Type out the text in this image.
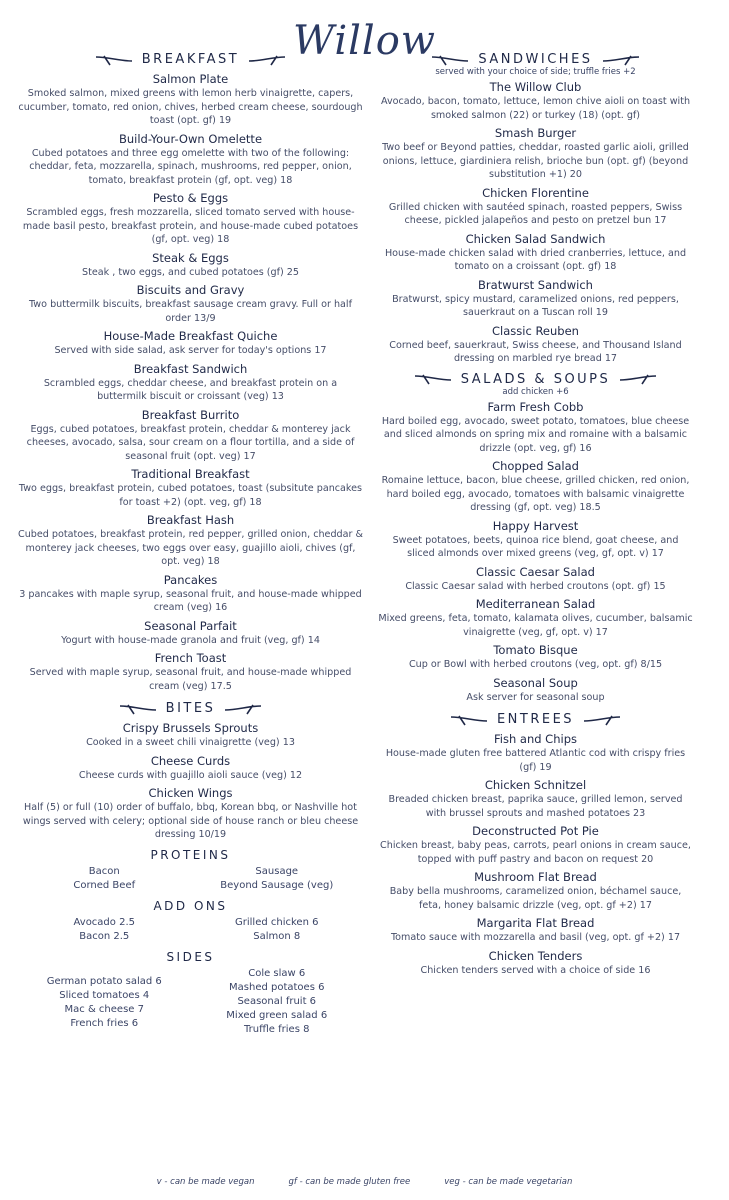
Willow
BREAKFAST
Salmon Plate
Smoked salmon, mixed greens with lemon herb vinaigrette, capers, cucumber, tomato, red onion, chives, herbed cream cheese, sourdough toast (opt. gf) 19
Build-Your-Own Omelette
Cubed potatoes and three egg omelette with two of the following: cheddar, feta, mozzarella, spinach, mushrooms, red pepper, onion, tomato, breakfast protein (gf, opt. veg) 18
Pesto & Eggs
Scrambled eggs, fresh mozzarella, sliced tomato served with house-made basil pesto, breakfast protein, and house-made cubed potatoes (gf, opt. veg) 18
Steak & Eggs
Steak , two eggs, and cubed potatoes (gf) 25
Biscuits and Gravy
Two buttermilk biscuits, breakfast sausage cream gravy. Full or half order 13/9
House-Made Breakfast Quiche
Served with side salad, ask server for today's options 17
Breakfast Sandwich
Scrambled eggs, cheddar cheese, and breakfast protein on a buttermilk biscuit or croissant (veg) 13
Breakfast Burrito
Eggs, cubed potatoes, breakfast protein, cheddar & monterey jack cheeses, avocado, salsa, sour cream on a flour tortilla, and a side of seasonal fruit (opt. veg) 17
Traditional Breakfast
Two eggs, breakfast protein, cubed potatoes, toast (subsitute pancakes for toast +2) (opt. veg, gf) 18
Breakfast Hash
Cubed potatoes, breakfast protein, red pepper, grilled onion, cheddar & monterey jack cheeses, two eggs over easy, guajillo aioli, chives (gf, opt. veg) 18
Pancakes
3 pancakes with maple syrup, seasonal fruit, and house-made whipped cream (veg) 16
Seasonal Parfait
Yogurt with house-made granola and fruit (veg, gf) 14
French Toast
Served with maple syrup, seasonal fruit, and house-made whipped cream (veg) 17.5
BITES
Crispy Brussels Sprouts
Cooked in a sweet chili vinaigrette (veg) 13
Cheese Curds
Cheese curds with guajillo aioli sauce (veg) 12
Chicken Wings
Half (5) or full (10) order of buffalo, bbq, Korean bbq, or Nashville hot wings served with celery; optional side of house ranch or bleu cheese dressing 10/19
PROTEINS
Bacon
Corned Beef
Sausage
Beyond Sausage (veg)
ADD ONS
Avocado 2.5
Bacon 2.5
Grilled chicken 6
Salmon 8
SIDES
German potato salad 6
Sliced tomatoes 4
Mac & cheese 7
French fries 6
Cole slaw 6
Mashed potatoes 6
Seasonal fruit 6
Mixed green salad 6
Truffle fries 8
SANDWICHES
served with your choice of side; truffle fries +2
The Willow Club
Avocado, bacon, tomato, lettuce, lemon chive aioli on toast with smoked salmon (22) or turkey (18) (opt. gf)
Smash Burger
Two beef or Beyond patties, cheddar, roasted garlic aioli, grilled onions, lettuce, giardiniera relish, brioche bun (opt. gf) (beyond substitution +1) 20
Chicken Florentine
Grilled chicken with sautéed spinach, roasted peppers, Swiss cheese, pickled jalapeños and pesto on pretzel bun 17
Chicken Salad Sandwich
House-made chicken salad with dried cranberries, lettuce, and tomato on a croissant (opt. gf) 18
Bratwurst Sandwich
Bratwurst, spicy mustard, caramelized onions, red peppers, sauerkraut on a Tuscan roll 19
Classic Reuben
Corned beef, sauerkraut, Swiss cheese, and Thousand Island dressing on marbled rye bread 17
SALADS & SOUPS
add chicken +6
Farm Fresh Cobb
Hard boiled egg, avocado, sweet potato, tomatoes, blue cheese and sliced almonds on spring mix and romaine with a balsamic drizzle (opt. veg, gf) 16
Chopped Salad
Romaine lettuce, bacon, blue cheese, grilled chicken, red onion, hard boiled egg, avocado, tomatoes with balsamic vinaigrette dressing (gf, opt. veg) 18.5
Happy Harvest
Sweet potatoes, beets, quinoa rice blend, goat cheese, and sliced almonds over mixed greens (veg, gf, opt. v) 17
Classic Caesar Salad
Classic Caesar salad with herbed croutons (opt. gf) 15
Mediterranean Salad
Mixed greens, feta, tomato, kalamata olives, cucumber, balsamic vinaigrette (veg, gf, opt. v) 17
Tomato Bisque
Cup or Bowl with herbed croutons (veg, opt. gf) 8/15
Seasonal Soup
Ask server for seasonal soup
ENTREES
Fish and Chips
House-made gluten free battered Atlantic cod with crispy fries (gf) 19
Chicken Schnitzel
Breaded chicken breast, paprika sauce, grilled lemon, served with brussel sprouts and mashed potatoes 23
Deconstructed Pot Pie
Chicken breast, baby peas, carrots, pearl onions in cream sauce, topped with puff pastry and bacon on request 20
Mushroom Flat Bread
Baby bella mushrooms, caramelized onion, béchamel sauce, feta, honey balsamic drizzle (veg, opt. gf +2) 17
Margarita Flat Bread
Tomato sauce with mozzarella and basil (veg, opt. gf +2) 17
Chicken Tenders
Chicken tenders served with a choice of side 16
v - can be made vegan	gf - can be made gluten free	veg - can be made vegetarian
